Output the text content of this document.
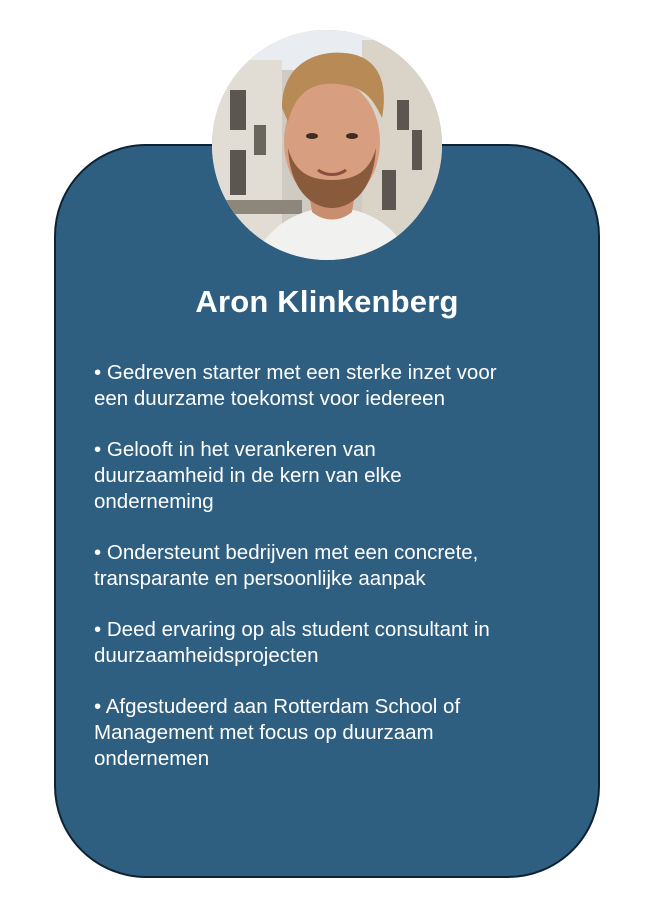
Aron Klinkenberg
• Gedreven starter met een sterke inzet voor
een duurzame toekomst voor iedereen
• Gelooft in het verankeren van
duurzaamheid in de kern van elke
onderneming
• Ondersteunt bedrijven met een concrete,
transparante en persoonlijke aanpak
• Deed ervaring op als student consultant in
duurzaamheidsprojecten
• Afgestudeerd aan Rotterdam School of
Management met focus op duurzaam
ondernemen
